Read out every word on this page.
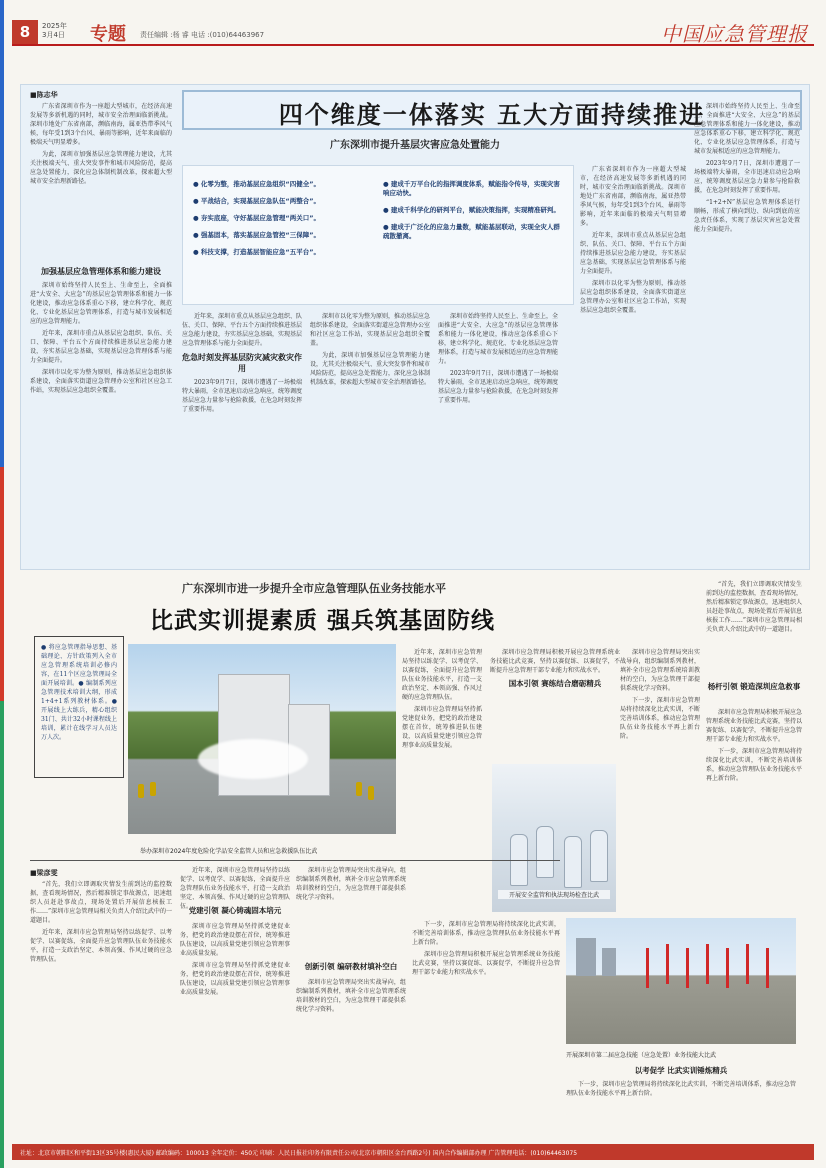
8	2025年
3月4日 专题 责任编辑 :杨 睿 电话 :(010)64463967	中国应急管理报
四个维度一体落实 五大方面持续推进
广东深圳市提升基层灾害应急处置能力
■陈志华

广东省深圳市作为一座超大型城市，在经济高速发展等多新机遇的同时，城市安全治理面临新挑战。深圳市地处广东省南部，濒临南海，属亚热带季风气候，每年受1到3个台风、暴雨等影响，近年来面临的极端天气明显增多。

为此，深圳市加强基层应急管理能力建设，尤其关注极端天气、重大突发事件和城市风险防范，提高应急处置能力，深化应急体制机制改革，探索超大型城市安全治理新路径。

加强基层应急管理体系和能力建设

深圳市始终坚持人民至上、生命至上，全面推进“大安全、大应急”的基层应急管理体系和能力一体化建设，推动应急体系重心下移，建立科学化、规范化、专业化基层应急管理体系，打造与城市发展相适应的应急管理能力。

近年来，深圳市重点从基层应急组织、队伍、关口、保障、平台五个方面持续推进基层应急能力建设，夯实基层应急基础，实现基层应急管理体系与能力全面提升。

深圳市以化零为整为原则，推动基层应急组织体系建设，全面落实街道应急管理办公室和社区应急工作站，实现基层应急组织全覆盖。

● 化零为整，推动基层应急组织“四健全”。
● 平战结合，实现基层应急队伍“两整合”。
● 夯实底座，守好基层应急管理“两关口”。
● 强基固本，落实基层应急管控“三保障”。
● 科技支撑，打造基层智能应急“五平台”。
● 建成千万平台化的指挥调度体系，赋能指令传导，实现灾害响应动快。
● 建成千科学化的研判平台，赋能决策指挥，实现精准研判。
● 建成于广泛化的应急力量数，赋能基层联动，实现全灾人群疏散撤离。

近年来，深圳市重点从基层应急组织、队伍、关口、保障、平台五个方面持续推进基层应急能力建设，夯实基层应急基础，实现基层应急管理体系与能力全面提升。

危急时刻发挥基层防灾减灾救灾作用

2023年9月7日，深圳市遭遇了一场极端特大暴雨，全市迅速启动应急响应，统筹调度基层应急力量参与抢险救援，在危急时刻发挥了重要作用。

深圳市以化零为整为原则，推动基层应急组织体系建设，全面落实街道应急管理办公室和社区应急工作站，实现基层应急组织全覆盖。

为此，深圳市加强基层应急管理能力建设，尤其关注极端天气、重大突发事件和城市风险防范，提高应急处置能力，深化应急体制机制改革，探索超大型城市安全治理新路径。

深圳市始终坚持人民至上、生命至上，全面推进“大安全、大应急”的基层应急管理体系和能力一体化建设，推动应急体系重心下移，建立科学化、规范化、专业化基层应急管理体系，打造与城市发展相适应的应急管理能力。

2023年9月7日，深圳市遭遇了一场极端特大暴雨，全市迅速启动应急响应，统筹调度基层应急力量参与抢险救援，在危急时刻发挥了重要作用。

广东省深圳市作为一座超大型城市，在经济高速发展等多新机遇的同时，城市安全治理面临新挑战。深圳市地处广东省南部，濒临南海，属亚热带季风气候，每年受1到3个台风、暴雨等影响，近年来面临的极端天气明显增多。

近年来，深圳市重点从基层应急组织、队伍、关口、保障、平台五个方面持续推进基层应急能力建设，夯实基层应急基础，实现基层应急管理体系与能力全面提升。

深圳市以化零为整为原则，推动基层应急组织体系建设，全面落实街道应急管理办公室和社区应急工作站，实现基层应急组织全覆盖。

深圳市始终坚持人民至上、生命至上，全面推进“大安全、大应急”的基层应急管理体系和能力一体化建设，推动应急体系重心下移，建立科学化、规范化、专业化基层应急管理体系，打造与城市发展相适应的应急管理能力。

2023年9月7日，深圳市遭遇了一场极端特大暴雨，全市迅速启动应急响应，统筹调度基层应急力量参与抢险救援，在危急时刻发挥了重要作用。

“1+2+N”基层应急管理体系运行顺畅，形成了横向到边、纵向到底的应急责任体系，实现了基层灾害应急处置能力全面提升。

广东深圳市进一步提升全市应急管理队伍业务技能水平
比武实训提素质 强兵筑基固防线
● 将应急管理指导思想、基础理论、方针政策列入全市应急管理系统培训必修内容，在11个区应急管理局全面开展培训。● 编制系列应急管理技术培训大纲，形成1+4+1系列教材体系。● 开展线上大练兵，精心组织31门、共计32小时课程线上培训，累计在线学习人员达万人次。
举办深圳市2024年度危险化学品安全监管人员和应急救援队伍比武

近年来，深圳市应急管理局坚持以练促学、以考促学、以赛促练，全面提升应急管理队伍业务技能水平，打造一支政治坚定、本领高强、作风过硬的应急管理队伍。

深圳市应急管理局坚持抓党建促业务，把党的政治建设摆在首位，统筹推进队伍建设，以高质量党建引领应急管理事业高质量发展。

深圳市应急管理局积极开展应急管理系统业务技能比武竞赛，坚持以赛促练、以赛促学，不断提升应急管理干部专业能力和实战水平。

国本引领 赛练结合磨砺精兵
开展安全监管和执法现场检查比武

深圳市应急管理局突出实战导向，组织编制系列教材，填补全市应急管理系统培训教材的空白，为应急管理干部提供系统化学习资料。

下一步，深圳市应急管理局将持续深化比武实训，不断完善培训体系，推动应急管理队伍业务技能水平再上新台阶。

“首先，我们立即调取灾情发生前到达的监控数据，查看现场情况，然后精准锁定事故源点，迅速组织人员赶赴事故点，现场处置后开展信息核报工作……”深圳市应急管理局相关负责人介绍比武中的一道题目。

杨杆引领 锻造深圳应急救事

深圳市应急管理局积极开展应急管理系统业务技能比武竞赛，坚持以赛促练、以赛促学，不断提升应急管理干部专业能力和实战水平。

下一步，深圳市应急管理局将持续深化比武实训，不断完善培训体系，推动应急管理队伍业务技能水平再上新台阶。

■梁彦雯

“首先，我们立即调取灾情发生前到达的监控数据，查看现场情况，然后精准锁定事故源点，迅速组织人员赶赴事故点，现场处置后开展信息核报工作……”深圳市应急管理局相关负责人介绍比武中的一道题目。

近年来，深圳市应急管理局坚持以练促学、以考促学、以赛促练，全面提升应急管理队伍业务技能水平，打造一支政治坚定、本领高强、作风过硬的应急管理队伍。

近年来，深圳市应急管理局坚持以练促学、以考促学、以赛促练，全面提升应急管理队伍业务技能水平，打造一支政治坚定、本领高强、作风过硬的应急管理队伍。

党建引领 凝心铸魂固本培元

深圳市应急管理局坚持抓党建促业务，把党的政治建设摆在首位，统筹推进队伍建设，以高质量党建引领应急管理事业高质量发展。

深圳市应急管理局坚持抓党建促业务，把党的政治建设摆在首位，统筹推进队伍建设，以高质量党建引领应急管理事业高质量发展。

深圳市应急管理局突出实战导向，组织编制系列教材，填补全市应急管理系统培训教材的空白，为应急管理干部提供系统化学习资料。

创新引领 编研教材填补空白

深圳市应急管理局突出实战导向，组织编制系列教材，填补全市应急管理系统培训教材的空白，为应急管理干部提供系统化学习资料。

下一步，深圳市应急管理局将持续深化比武实训，不断完善培训体系，推动应急管理队伍业务技能水平再上新台阶。

深圳市应急管理局积极开展应急管理系统业务技能比武竞赛，坚持以赛促练、以赛促学，不断提升应急管理干部专业能力和实战水平。

开展深圳市第二届应急技能（应急处置）业务技能大比武
以考促学 比武实训锤炼精兵

下一步，深圳市应急管理局将持续深化比武实训，不断完善培训体系，推动应急管理队伍业务技能水平再上新台阶。

社址：北京市朝阳区和平街13区35号楼(惠民大厦) 邮政编码：100013 全年定价：450元 印刷：人民日报社印务有限责任公司(北京市朝阳区金台西路2号) 国内合作编辑部办理 广告管理电话：(010)64463075
